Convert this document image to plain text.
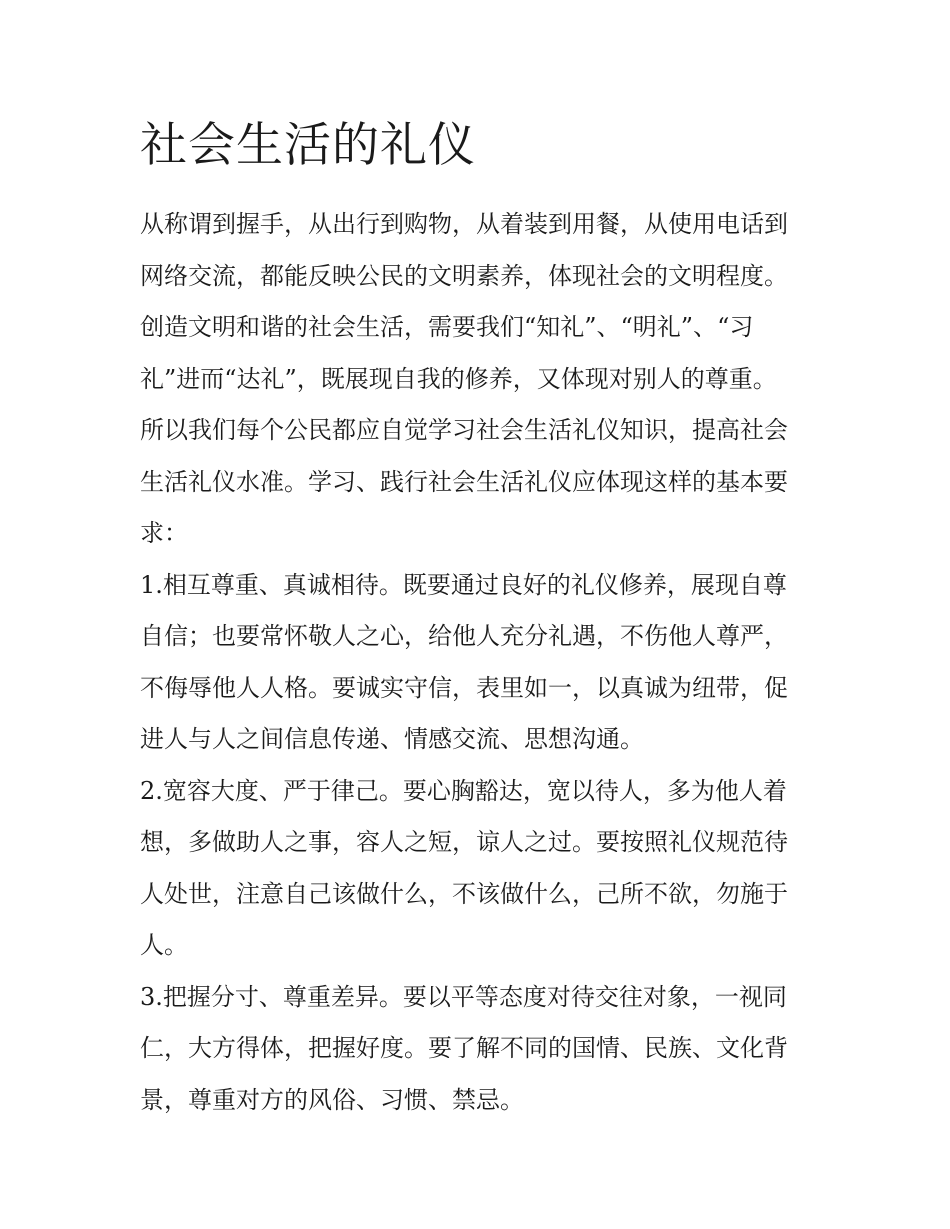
社会生活的礼仪
从称谓到握手，从出行到购物，从着装到用餐，从使用电话到
网络交流，都能反映公民的文明素养，体现社会的文明程度。
创造文明和谐的社会生活，需要我们“知礼”、“明礼”、“习
礼”进而“达礼”，既展现自我的修养，又体现对别人的尊重。
所以我们每个公民都应自觉学习社会生活礼仪知识，提高社会
生活礼仪水准。学习、践行社会生活礼仪应体现这样的基本要
求：
1.相互尊重、真诚相待。既要通过良好的礼仪修养，展现自尊
自信；也要常怀敬人之心，给他人充分礼遇，不伤他人尊严，
不侮辱他人人格。要诚实守信，表里如一，以真诚为纽带，促
进人与人之间信息传递、情感交流、思想沟通。
2.宽容大度、严于律己。要心胸豁达，宽以待人，多为他人着
想，多做助人之事，容人之短，谅人之过。要按照礼仪规范待
人处世，注意自己该做什么，不该做什么，己所不欲，勿施于
人。
3.把握分寸、尊重差异。要以平等态度对待交往对象，一视同
仁，大方得体，把握好度。要了解不同的国情、民族、文化背
景，尊重对方的风俗、习惯、禁忌。
